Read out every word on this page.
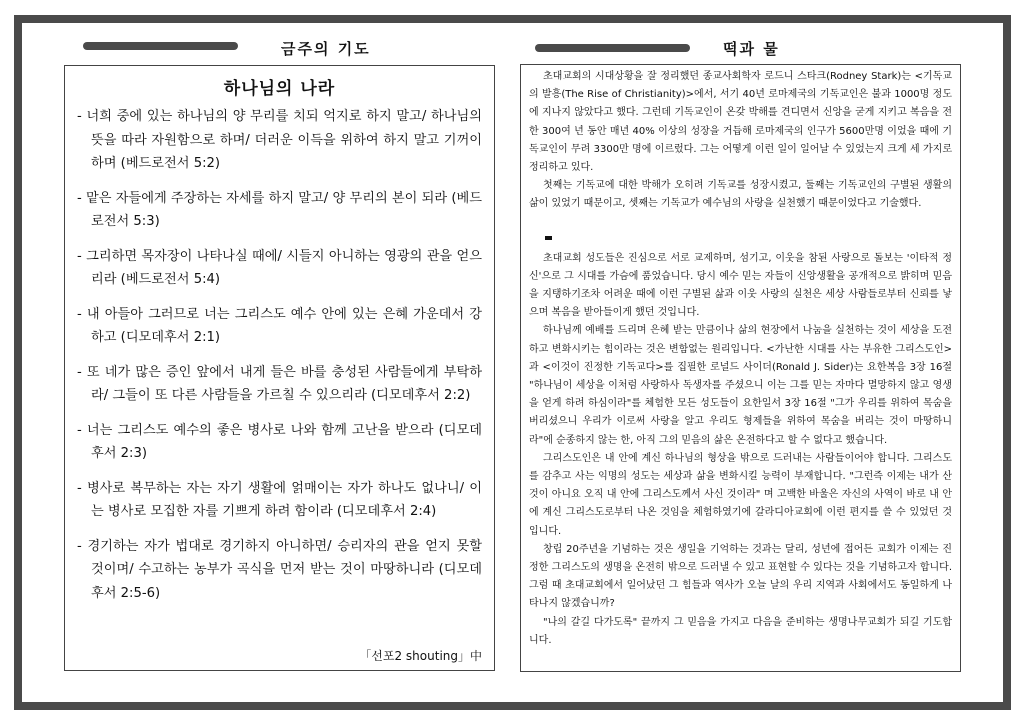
금주의 기도	떡과 물
하나님의 나라

- 너희 중에 있는 하나님의 양 무리를 치되 억지로 하지 말고/ 하나님의 뜻을 따라 자원함으로 하며/ 더러운 이득을 위하여 하지 말고 기꺼이 하며 (베드로전서 5:2)

- 맡은 자들에게 주장하는 자세를 하지 말고/ 양 무리의 본이 되라 (베드로전서 5:3)

- 그리하면 목자장이 나타나실 때에/ 시들지 아니하는 영광의 관을 얻으리라 (베드로전서 5:4)

- 내 아들아 그러므로 너는 그리스도 예수 안에 있는 은혜 가운데서 강하고 (디모데후서 2:1)

- 또 네가 많은 증인 앞에서 내게 들은 바를 충성된 사람들에게 부탁하라/ 그들이 또 다른 사람들을 가르칠 수 있으리라 (디모데후서 2:2)

- 너는 그리스도 예수의 좋은 병사로 나와 함께 고난을 받으라 (디모데후서 2:3)

- 병사로 복무하는 자는 자기 생활에 얽매이는 자가 하나도 없나니/ 이는 병사로 모집한 자를 기쁘게 하려 함이라 (디모데후서 2:4)

- 경기하는 자가 법대로 경기하지 아니하면/ 승리자의 관을 얻지 못할 것이며/ 수고하는 농부가 곡식을 먼저 받는 것이 마땅하니라 (디모데후서 2:5-6)

「선포2 shouting」中

초대교회의 시대상황을 잘 정리했던 종교사회학자 로드니 스타크(Rodney Stark)는 <기독교의 발흥(The Rise of Christianity)>에서, 서기 40년 로마제국의 기독교인은 불과 1000명 정도에 지나지 않았다고 했다. 그런데 기독교인이 온갖 박해를 견디면서 신앙을 굳게 지키고 복음을 전한 300여 년 동안 매년 40% 이상의 성장을 거듭해 로마제국의 인구가 5600만명 이었을 때에 기독교인이 무려 3300만 명에 이르렀다. 그는 어떻게 이런 일이 일어날 수 있었는지 크게 세 가지로 정리하고 있다.

첫째는 기독교에 대한 박해가 오히려 기독교를 성장시켰고, 둘째는 기독교인의 구별된 생활의 삶이 있었기 때문이고, 셋째는 기독교가 예수님의 사랑을 실천했기 때문이었다고 기술했다.

초대교회 성도들은 진심으로 서로 교제하며, 섬기고, 이웃을 참된 사랑으로 돌보는 '이타적 정신'으로 그 시대를 가슴에 품었습니다. 당시 예수 믿는 자들이 신앙생활을 공개적으로 밝히며 믿음을 지탱하기조차 어려운 때에 이런 구별된 삶과 이웃 사랑의 실천은 세상 사람들로부터 신뢰를 낳으며 복음을 받아들이게 했던 것입니다.

하나님께 예배를 드리며 은혜 받는 만큼이나 삶의 현장에서 나눔을 실천하는 것이 세상을 도전하고 변화시키는 힘이라는 것은 변함없는 원리입니다. <가난한 시대를 사는 부유한 그리스도인>과 <이것이 진정한 기독교다>를 집필한 로널드 사이더(Ronald J. Sider)는 요한복음 3장 16절 "하나님이 세상을 이처럼 사랑하사 독생자를 주셨으니 이는 그를 믿는 자마다 멸망하지 않고 영생을 얻게 하려 하심이라"를 체험한 모든 성도들이 요한일서 3장 16절 "그가 우리를 위하여 목숨을 버리셨으니 우리가 이로써 사랑을 알고 우리도 형제들을 위하여 목숨을 버리는 것이 마땅하니라"에 순종하지 않는 한, 아직 그의 믿음의 삶은 온전하다고 할 수 없다고 했습니다.

그리스도인은 내 안에 계신 하나님의 형상을 밖으로 드러내는 사람들이어야 합니다. 그리스도를 감추고 사는 익명의 성도는 세상과 삶을 변화시킬 능력이 부재합니다. "그런즉 이제는 내가 산 것이 아니요 오직 내 안에 그리스도께서 사신 것이라" 며 고백한 바울은 자신의 사역이 바로 내 안에 계신 그리스도로부터 나온 것임을 체험하였기에 갈라디아교회에 이런 편지를 쓸 수 있었던 것입니다.

창립 20주년을 기념하는 것은 생일을 기억하는 것과는 달리, 성년에 접어든 교회가 이제는 진정한 그리스도의 생명을 온전히 밖으로 드러낼 수 있고 표현할 수 있다는 것을 기념하고자 합니다. 그럼 때 초대교회에서 일어났던 그 힘들과 역사가 오늘 날의 우리 지역과 사회에서도 동일하게 나타나지 않겠습니까?

"나의 갈길 다가도록" 끝까지 그 믿음을 가지고 다음을 준비하는 생명나무교회가 되길 기도합니다.
